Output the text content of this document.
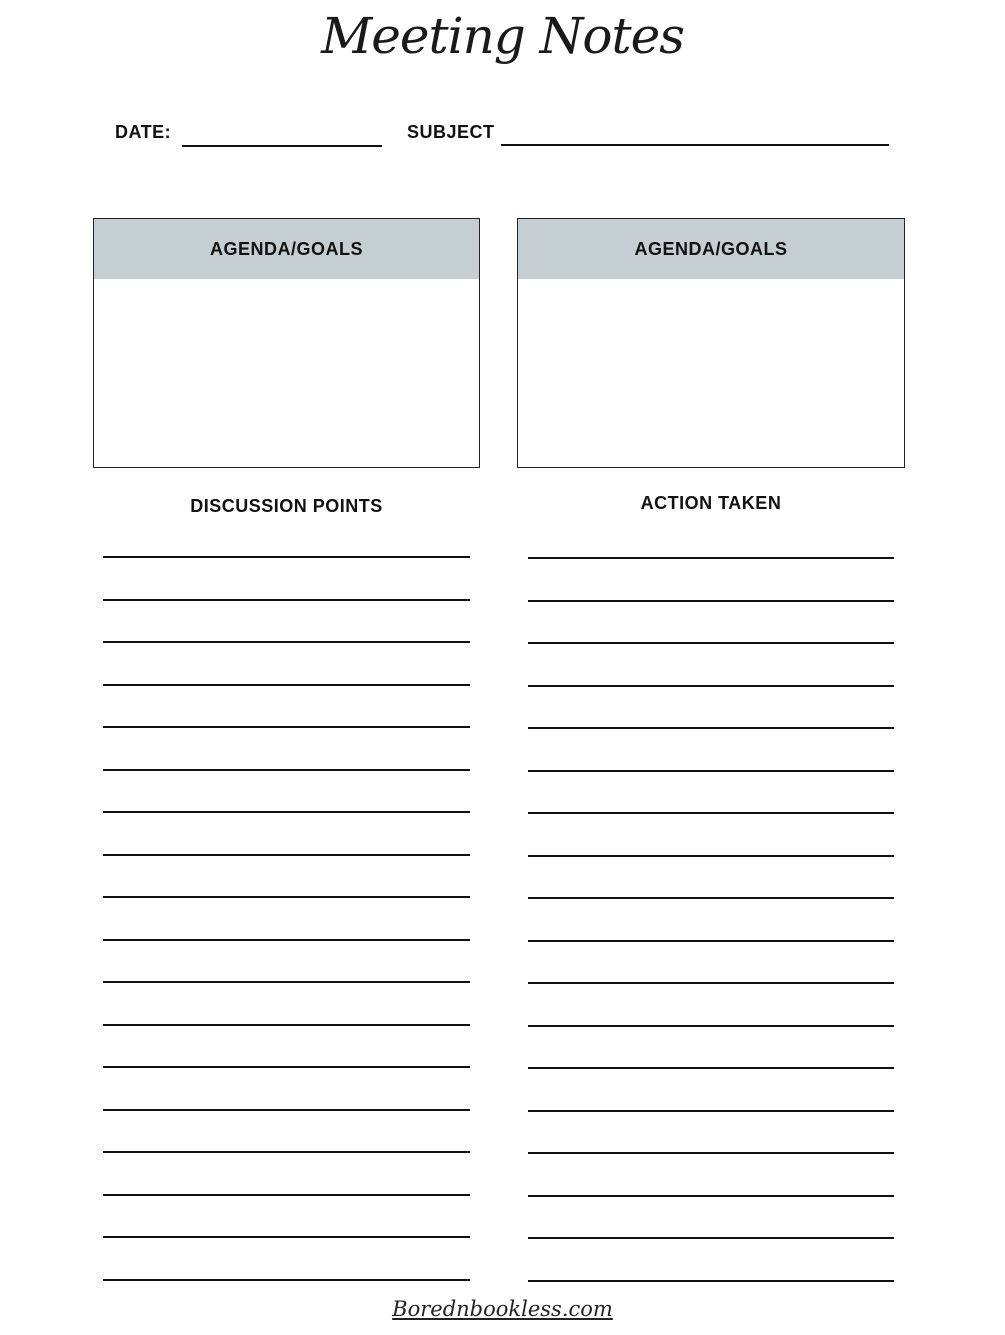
Meeting Notes
DATE:	SUBJECT
AGENDA/GOALS	AGENDA/GOALS
DISCUSSION POINTS	ACTION TAKEN
Borednbookless.com
